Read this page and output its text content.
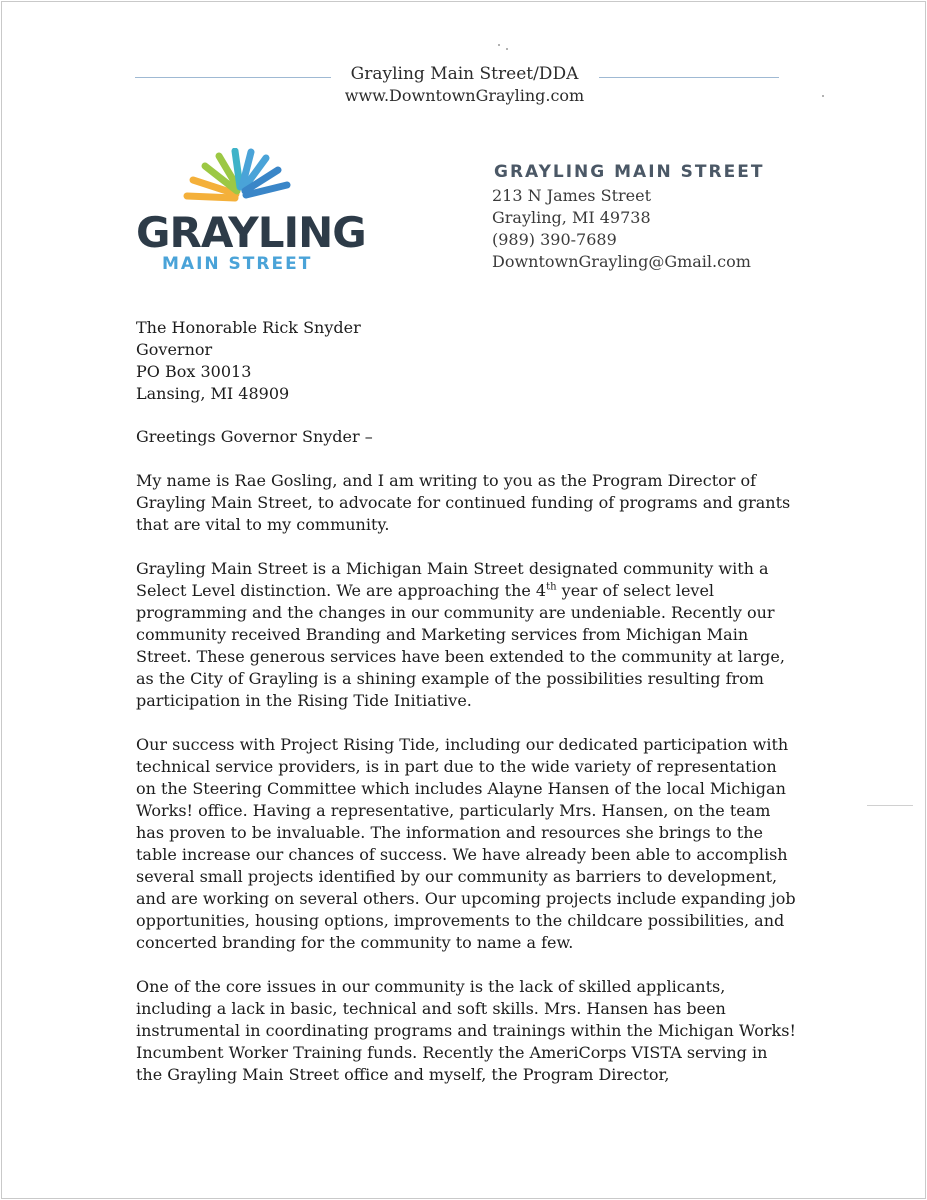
Grayling Main Street/DDA
www.DowntownGrayling.com
GRAYLING
MAIN STREET
GRAYLING MAIN STREET
213 N James Street
Grayling, MI 49738
(989) 390-7689
DowntownGrayling@Gmail.com
The Honorable Rick Snyder
Governor
PO Box 30013
Lansing, MI 48909
Greetings Governor Snyder –

My name is Rae Gosling, and I am writing to you as the Program Director of Grayling Main Street, to advocate for continued funding of programs and grants that are vital to my community.

Grayling Main Street is a Michigan Main Street designated community with a Select Level distinction. We are approaching the 4th year of select level programming and the changes in our community are undeniable. Recently our community received Branding and Marketing services from Michigan Main Street. These generous services have been extended to the community at large, as the City of Grayling is a shining example of the possibilities resulting from participation in the Rising Tide Initiative.

Our success with Project Rising Tide, including our dedicated participation with technical service providers, is in part due to the wide variety of representation on the Steering Committee which includes Alayne Hansen of the local Michigan Works! office. Having a representative, particularly Mrs. Hansen, on the team has proven to be invaluable. The information and resources she brings to the table increase our chances of success. We have already been able to accomplish several small projects identified by our community as barriers to development, and are working on several others. Our upcoming projects include expanding job opportunities, housing options, improvements to the childcare possibilities, and concerted branding for the community to name a few.

One of the core issues in our community is the lack of skilled applicants, including a lack in basic, technical and soft skills. Mrs. Hansen has been instrumental in coordinating programs and trainings within the Michigan Works! Incumbent Worker Training funds. Recently the AmeriCorps VISTA serving in the Grayling Main Street office and myself, the Program Director,
